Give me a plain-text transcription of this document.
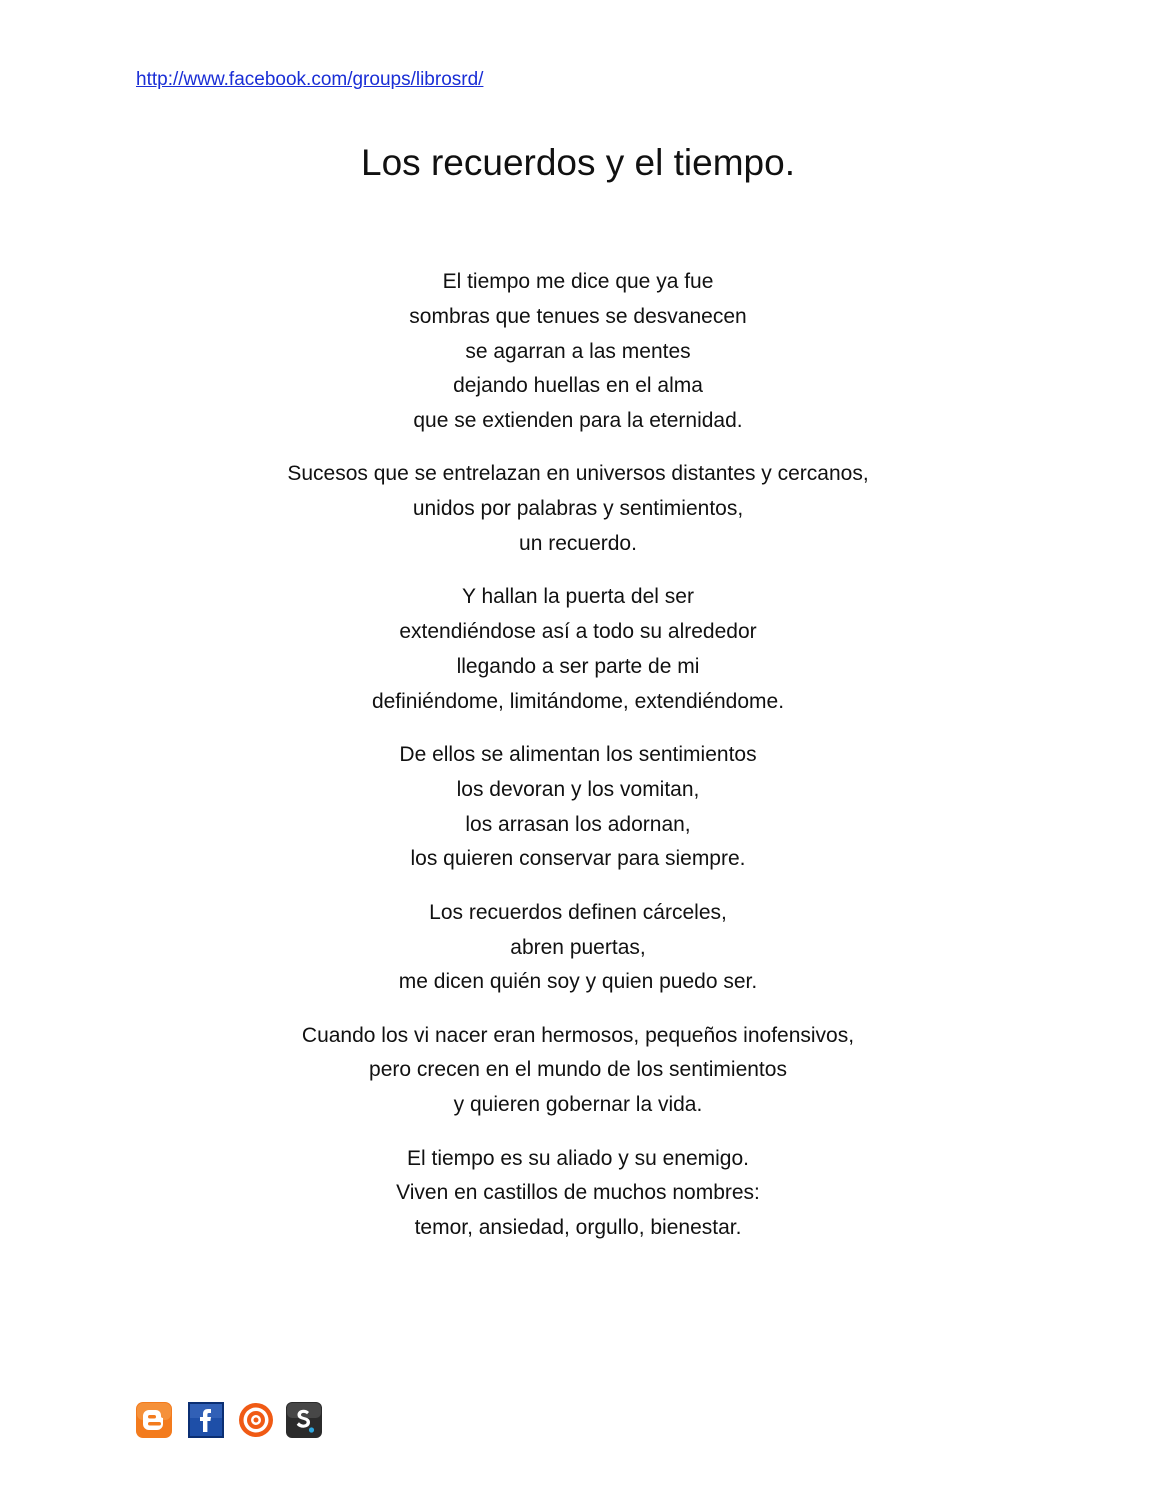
http://www.facebook.com/groups/librosrd/
Los recuerdos y el tiempo.
El tiempo me dice que ya fue
sombras que tenues se desvanecen
se agarran a las mentes
dejando huellas en el alma
que se extienden para la eternidad.
Sucesos que se entrelazan en universos distantes y cercanos,
unidos por palabras y sentimientos,
un recuerdo.
Y hallan la puerta del ser
extendiéndose así a todo su alrededor
llegando a ser parte de mi
definiéndome, limitándome, extendiéndome.
De ellos se alimentan los sentimientos
los devoran y los vomitan,
los arrasan los adornan,
los quieren conservar para siempre.
Los recuerdos definen cárceles,
abren puertas,
me dicen quién soy y quien puedo ser.
Cuando los vi nacer eran hermosos, pequeños inofensivos,
pero crecen en el mundo de los sentimientos
y quieren gobernar la vida.
El tiempo es su aliado y su enemigo.
Viven en castillos de muchos nombres:
temor, ansiedad, orgullo, bienestar.
